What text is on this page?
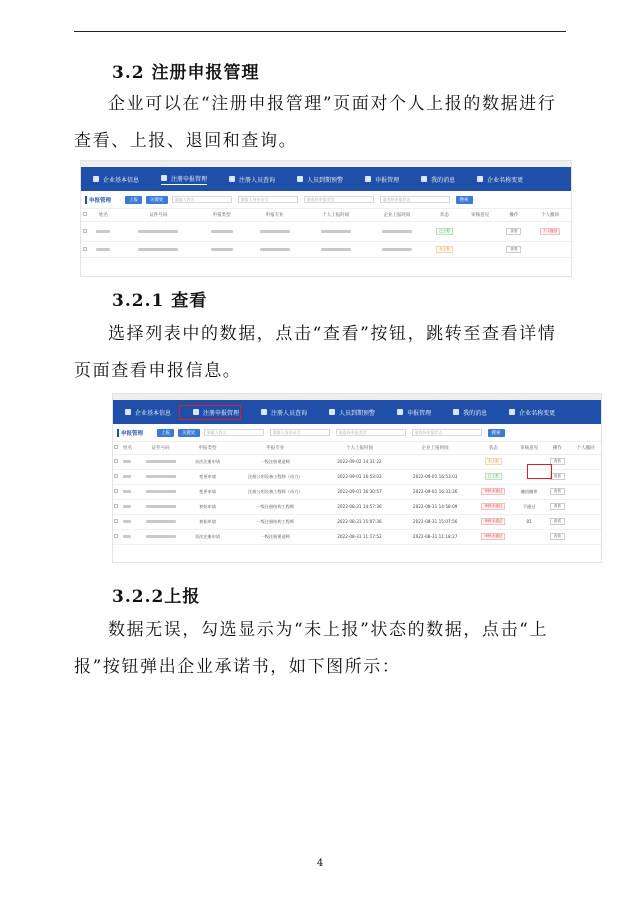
3.2 注册申报管理
企业可以在“注册申报管理”页面对个人上报的数据进行查看、上报、退回和查询。
企业基本信息	注册申报管理	注册人员查询	人员到期预警	申报管理	我的消息	企业名称变更
申报管理	上报	关键处	请输入姓名	请输入身份证号	请选择申报类型	请选择申报状态	搜索
	姓名	证件号码	申报类型	申报专业	个人上报时间	企业上报时间	状态	审核意见	操作	个人撤回
							已上报		查看	个人撤回
							未上报		查看	
3.2.1 查看
选择列表中的数据，点击“查看”按钮，跳转至查看详情页面查看申报信息。
企业基本信息	注册申报管理	注册人员查询	人员到期预警	申报管理	我的消息	企业名称变更
申报管理	上报	关键处	请输入姓名	请输入身份证号	请选择申报类型	请选择申报状态	搜索
	姓名	证件号码	申报类型	申报专业	个人上报时间	企业上报时间	状态	审核意见	操作	个人撤回
			首次注册申请	一级注册建造师	2022-09-02 14:31:22		未上报		查看	
			变更申请	注册公用设备工程师（动力）	2022-09-01 16:53:03	2022-09-01 16:53:03	已上报		查看	
			变更申请	注册公用设备工程师（动力）	2022-09-01 16:30:57	2022-09-01 16:31:26	审核未通过	撤回撤审	查看	
			初始申请	一级注册结构工程师	2022-08-31 14:57:36	2022-08-31 14:58:09	审核未通过	不通过	查看	
			初始申请	一级注册结构工程师	2022-08-31 15:07:36	2022-08-31 15:07:56	审核未通过	01	查看	
			首次注册申请	一级注册建造师	2022-08-31 11:17:52	2022-08-31 11:18:27	审核未通过		查看	
3.2.2上报
数据无误，勾选显示为“未上报”状态的数据，点击“上报”按钮弹出企业承诺书，如下图所示：
4
